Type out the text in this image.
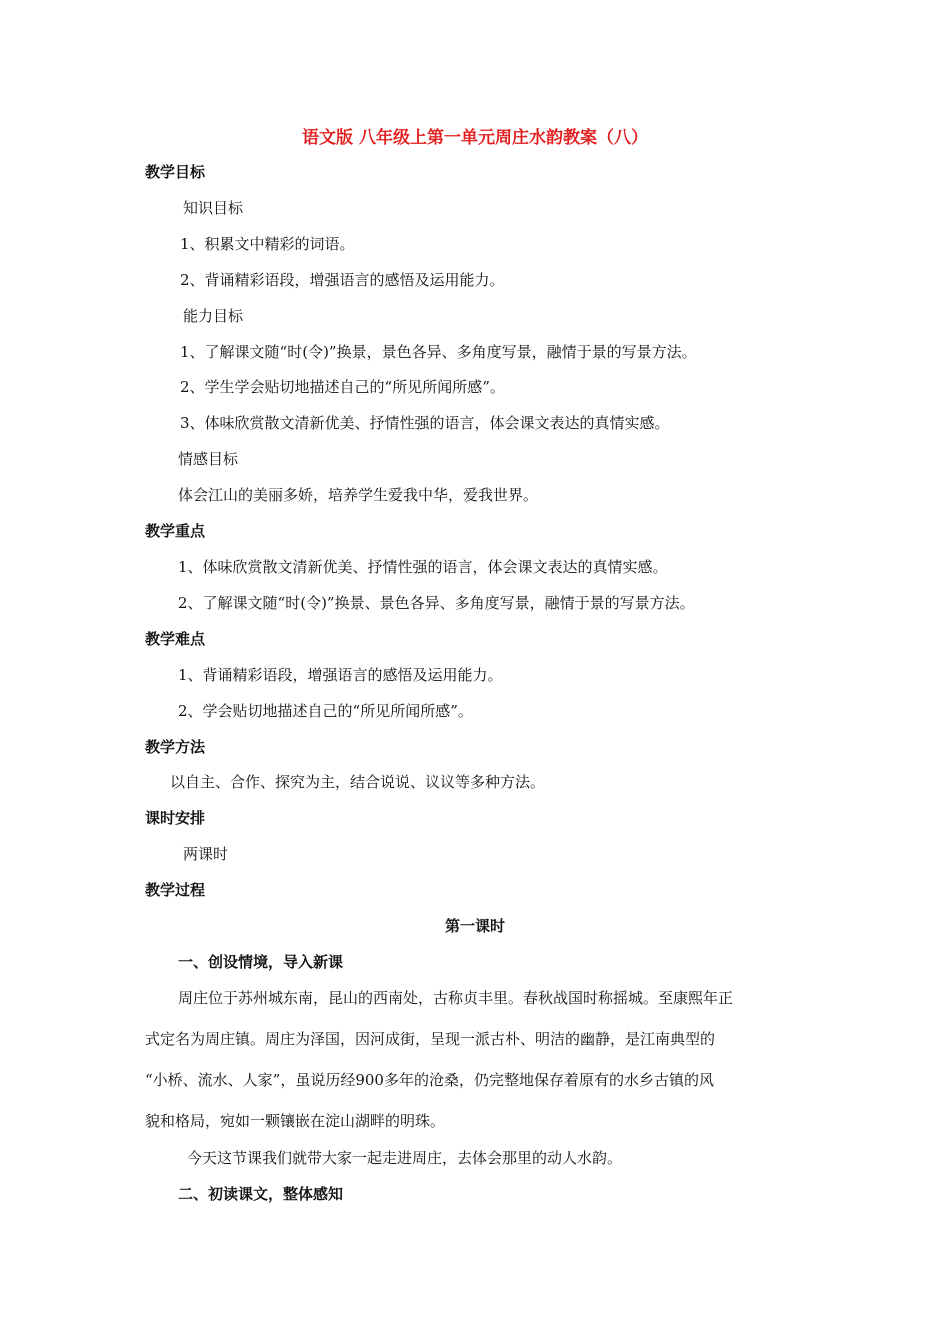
语文版 八年级上第一单元周庄水韵教案（八）
教学目标
知识目标
1、积累文中精彩的词语。
2、背诵精彩语段，增强语言的感悟及运用能力。
能力目标
1、了解课文随“时(令)”换景，景色各异、多角度写景，融情于景的写景方法。
2、学生学会贴切地描述自己的“所见所闻所感”。
3、体味欣赏散文清新优美、抒情性强的语言，体会课文表达的真情实感。
情感目标
体会江山的美丽多娇，培养学生爱我中华，爱我世界。
教学重点
1、体味欣赏散文清新优美、抒情性强的语言，体会课文表达的真情实感。
2、了解课文随“时(令)”换景、景色各异、多角度写景，融情于景的写景方法。
教学难点
1、背诵精彩语段，增强语言的感悟及运用能力。
2、学会贴切地描述自己的“所见所闻所感”。
教学方法
以自主、合作、探究为主，结合说说、议议等多种方法。
课时安排
两课时
教学过程
第一课时
一、创设情境，导入新课
周庄位于苏州城东南，昆山的西南处，古称贞丰里。春秋战国时称摇城。至康熙年正
式定名为周庄镇。周庄为泽国，因河成街，呈现一派古朴、明洁的幽静，是江南典型的
“小桥、流水、人家”，虽说历经900多年的沧桑，仍完整地保存着原有的水乡古镇的风
貌和格局，宛如一颗镶嵌在淀山湖畔的明珠。
今天这节课我们就带大家一起走进周庄，去体会那里的动人水韵。
二、初读课文，整体感知
